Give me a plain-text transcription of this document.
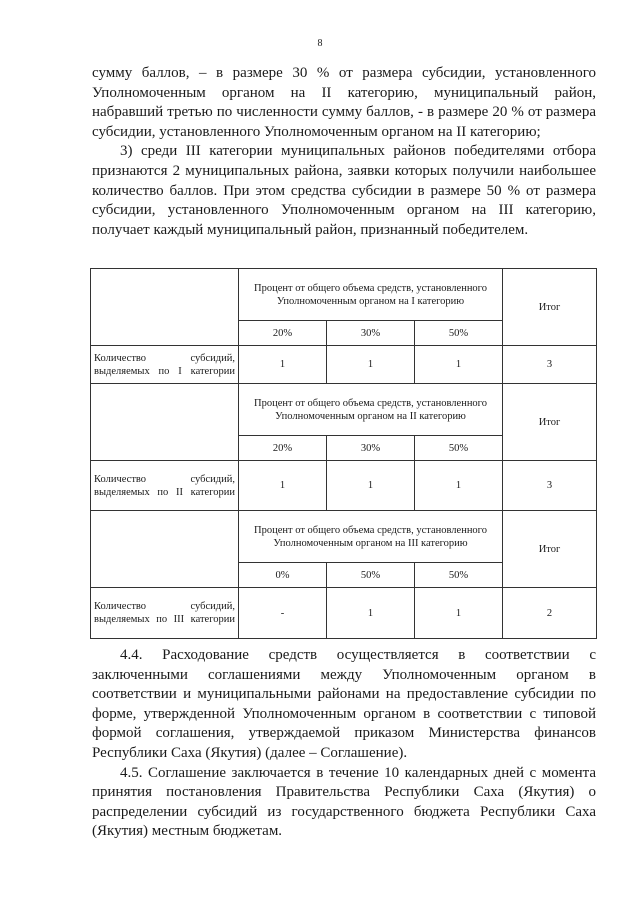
8

сумму баллов, – в размере 30 % от размера субсидии, установленного Уполномоченным органом на II категорию, муниципальный район, набравший третью по численности сумму баллов, - в размере 20 % от размера субсидии, установленного Уполномоченным органом на II категорию;

3) среди III категории муниципальных районов победителями отбора признаются 2 муниципальных района, заявки которых получили наибольшее количество баллов. При этом средства субсидии в размере 50 % от размера субсидии, установленного Уполномоченным органом на III категорию, получает каждый муниципальный район, признанный победителем.

	Процент от общего объема средств, установленного Уполномоченным органом на I категорию			Итог
	20%	30%	50%	
Количество субсидий, выделяемых по I категории	1	1	1	3
	Процент от общего объема средств, установленного Уполномоченным органом на II категорию			Итог
	20%	30%	50%	
Количество субсидий, выделяемых по II категории	1	1	1	3
	Процент от общего объема средств, установленного Уполномоченным органом на III категорию			Итог
	0%	50%	50%	
Количество субсидий, выделяемых по III категории	-	1	1	2

4.4. Расходование средств осуществляется в соответствии с заключенными соглашениями между Уполномоченным органом в соответствии и муниципальными районами на предоставление субсидии по форме, утвержденной Уполномоченным органом в соответствии с типовой формой соглашения, утверждаемой приказом Министерства финансов Республики Саха (Якутия) (далее – Соглашение).

4.5. Соглашение заключается в течение 10 календарных дней с момента принятия постановления Правительства Республики Саха (Якутия) о распределении субсидий из государственного бюджета Республики Саха (Якутия) местным бюджетам.
